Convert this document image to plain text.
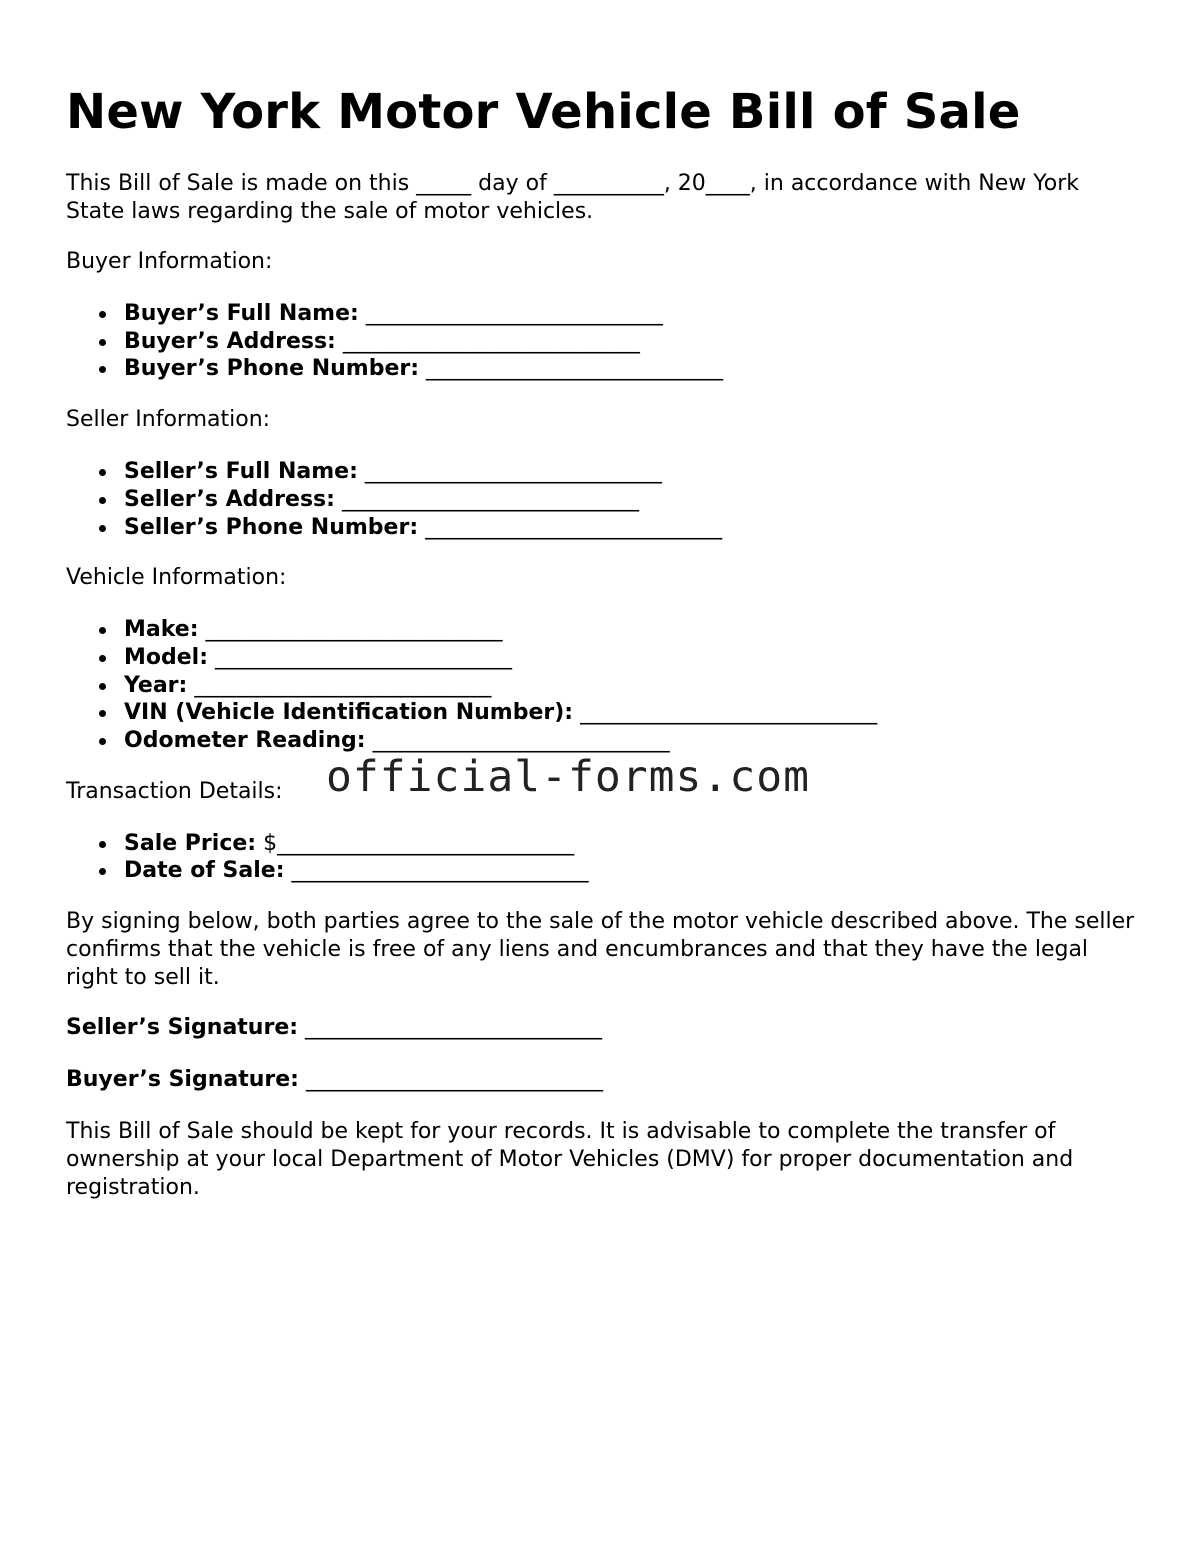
New York Motor Vehicle Bill of Sale

This Bill of Sale is made on this _____ day of __________, 20____, in accordance with New York State laws regarding the sale of motor vehicles.

Buyer Information:
Buyer’s Full Name: ___________________________
Buyer’s Address: ___________________________
Buyer’s Phone Number: ___________________________
Seller Information:
Seller’s Full Name: ___________________________
Seller’s Address: ___________________________
Seller’s Phone Number: ___________________________
Vehicle Information:
Make: ___________________________
Model: ___________________________
Year: ___________________________
VIN (Vehicle Identification Number): ___________________________
Odometer Reading: ___________________________
Transaction Details:
Sale Price: $___________________________
Date of Sale: ___________________________

By signing below, both parties agree to the sale of the motor vehicle described above. The seller confirms that the vehicle is free of any liens and encumbrances and that they have the legal right to sell it.

Seller’s Signature: ___________________________
Buyer’s Signature: ___________________________

This Bill of Sale should be kept for your records. It is advisable to complete the transfer of ownership at your local Department of Motor Vehicles (DMV) for proper documentation and registration.

official-forms.com
